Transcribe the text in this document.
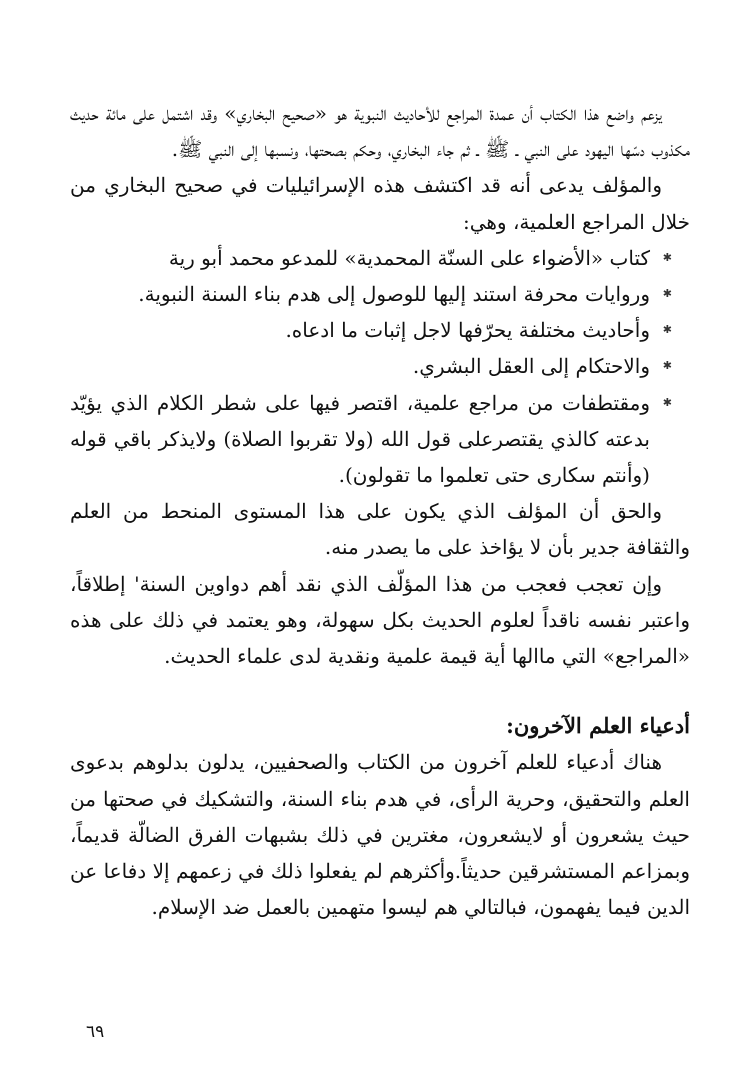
يزعم واضع هذا الكتاب أن عمدة المراجع للأحاديث النبوية هو «صحيح البخاري» وقد اشتمل على مائة حديث مكذوب دسّها اليهود على النبي ـ ﷺ ـ ثم جاء البخاري، وحكم بصحتها، ونسبها إلى النبي ﷺ.

والمؤلف يدعى أنه قد اكتشف هذه الإسرائيليات في صحيح البخاري من خلال المراجع العلمية، وهي:

✱
كتاب «الأضواء على السنّة المحمدية» للمدعو محمد أبو رية
✱
وروايات محرفة استند إليها للوصول إلى هدم بناء السنة النبوية.
✱
وأحاديث مختلفة يحرّفها لاجل إثبات ما ادعاه.
✱
والاحتكام إلى العقل البشري.
✱
ومقتطفات من مراجع علمية، اقتصر فيها على شطر الكلام الذي يؤيّد بدعته كالذي يقتصرعلى قول الله (ولا تقربوا الصلاة) ولايذكر باقي قوله (وأنتم سكارى حتى تعلموا ما تقولون).

والحق أن المؤلف الذي يكون على هذا المستوى المنحط من العلم والثقافة جدير بأن لا يؤاخذ على ما يصدر منه.

وإن تعجب فعجب من هذا المؤلّف الذي نقد أهم دواوين السنة' إطلاقاً، واعتبر نفسه ناقداً لعلوم الحديث بكل سهولة، وهو يعتمد في ذلك على هذه «المراجع» التي ماالها أية قيمة علمية ونقدية لدى علماء الحديث.

أدعياء العلم الآخرون:

هناك أدعياء للعلم آخرون من الكتاب والصحفيين، يدلون بدلوهم بدعوى العلم والتحقيق، وحرية الرأى، في هدم بناء السنة، والتشكيك في صحتها من حيث يشعرون أو لايشعرون، مغترين في ذلك بشبهات الفرق الضالّة قديماً، وبمزاعم المستشرقين حديثاً.وأكثرهم لم يفعلوا ذلك في زعمهم إلا دفاعا عن الدين فيما يفهمون، فبالتالي هم ليسوا متهمين بالعمل ضد الإسلام.

٦٩
